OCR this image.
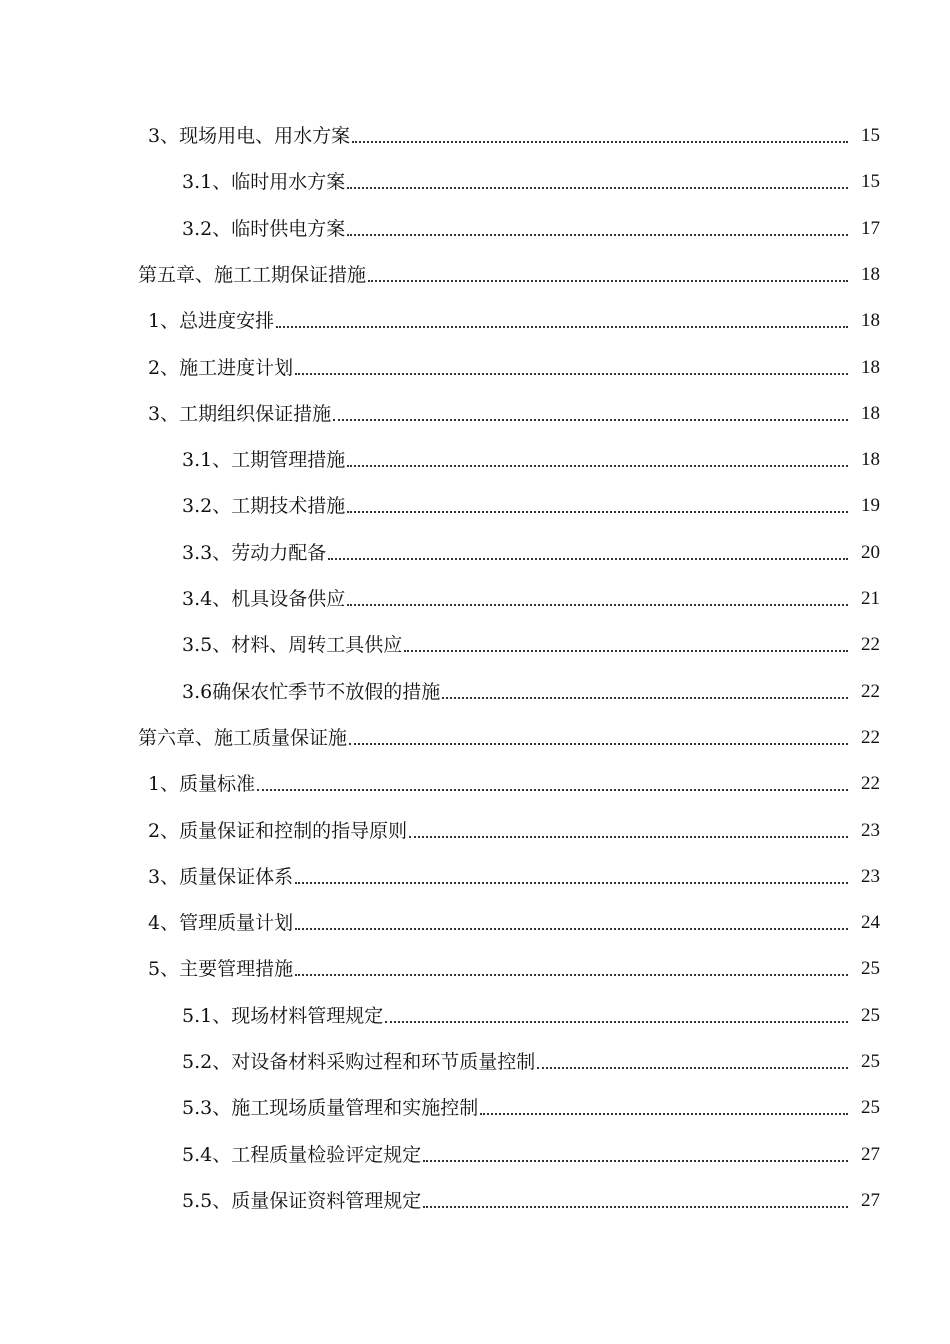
3、现场用电、用水方案	15
3.1、临时用水方案	15
3.2、临时供电方案	17
第五章、施工工期保证措施	18
1、总进度安排	18
2、施工进度计划	18
3、工期组织保证措施	18
3.1、工期管理措施	18
3.2、工期技术措施	19
3.3、劳动力配备	20
3.4、机具设备供应	21
3.5、材料、周转工具供应	22
3.6确保农忙季节不放假的措施	22
第六章、施工质量保证施	22
1、质量标准	22
2、质量保证和控制的指导原则	23
3、质量保证体系	23
4、管理质量计划	24
5、主要管理措施	25
5.1、现场材料管理规定	25
5.2、对设备材料采购过程和环节质量控制	25
5.3、施工现场质量管理和实施控制	25
5.4、工程质量检验评定规定	27
5.5、质量保证资料管理规定	27
